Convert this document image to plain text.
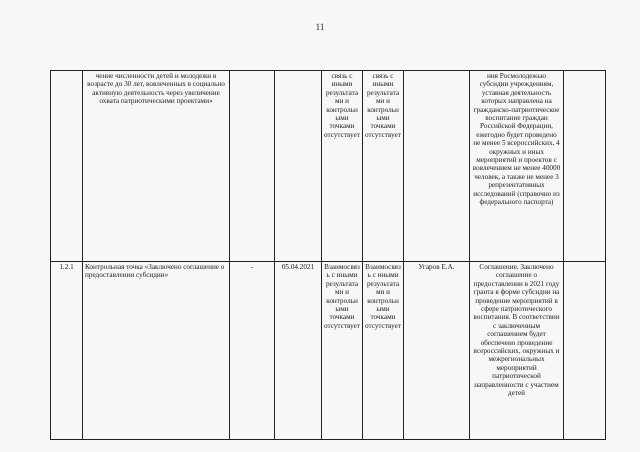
11
	чение численности детей и молодежи в возрасте до 30 лет, вовлеченных в социально активную деятельность через увеличение охвата патриотическими проектами»			связь с иными результатами и контрольными точками отсутствует	связь с иными результатами и контрольными точками отсутствует		ния Росмолодежью субсидии учреждениям, уставная деятельность которых направлена на гражданско-патриотическое воспитание граждан Российской Федерации, ежегодно будет проведено не менее 5 всероссийских, 4 окружных и иных мероприятий и проектов с вовлечением не менее 40000 человек, а также не менее 3 репрезентативных исследований (справочно из федерального паспорта)	
1.2.1	Контрольная точка «Заключено соглашение о предоставлении субсидии»	-	05.04.2021	Взаимосвязь с иными результатами и контрольными точками отсутствует	Взаимосвязь с иными результатами и контрольными точками отсутствует	Угаров Е.А.	Соглашение. Заключено соглашение о предоставлении в 2021 году гранта в форме субсидии на проведение мероприятий в сфере патриотического воспитания. В соответствии с заключенным соглашением будет обеспечено проведение всероссийских, окружных и межрегиональных мероприятий патриотической направленности с участием детей	
